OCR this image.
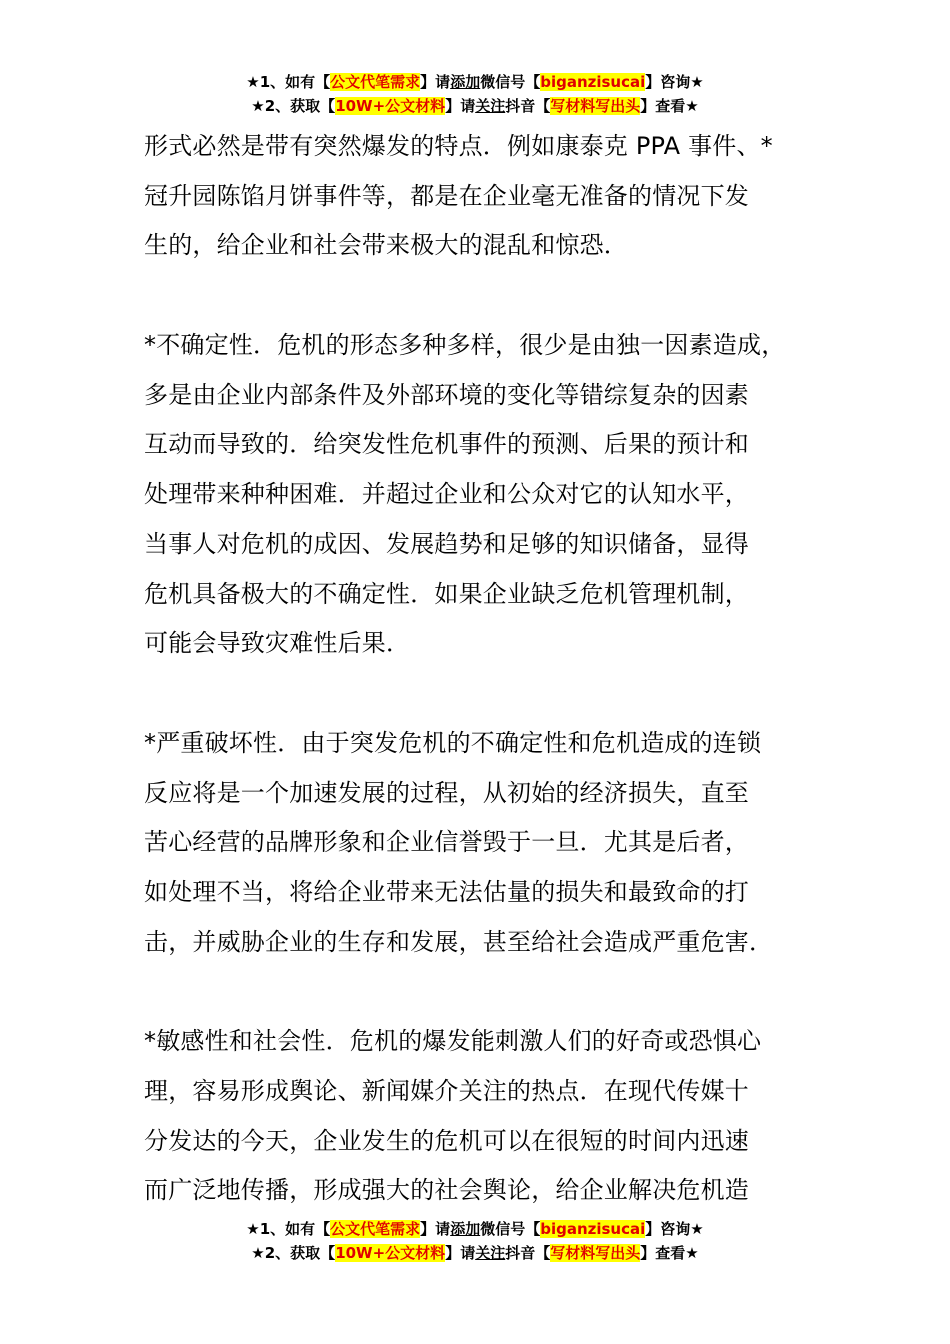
★1、如有【公文代笔需求】请添加微信号【biganzisucai】咨询★
★2、获取【10W+公文材料】请关注抖音【写材料写出头】查看★
形式必然是带有突然爆发的特点．例如康泰克 PPA 事件、*
冠升园陈馅月饼事件等，都是在企业毫无准备的情况下发
生的，给企业和社会带来极大的混乱和惊恐．
*不确定性．危机的形态多种多样，很少是由独一因素造成，
多是由企业内部条件及外部环境的变化等错综复杂的因素
互动而导致的．给突发性危机事件的预测、后果的预计和
处理带来种种困难．并超过企业和公众对它的认知水平，
当事人对危机的成因、发展趋势和足够的知识储备，显得
危机具备极大的不确定性．如果企业缺乏危机管理机制，
可能会导致灾难性后果．
*严重破坏性．由于突发危机的不确定性和危机造成的连锁
反应将是一个加速发展的过程，从初始的经济损失，直至
苦心经营的品牌形象和企业信誉毁于一旦．尤其是后者，
如处理不当，将给企业带来无法估量的损失和最致命的打
击，并威胁企业的生存和发展，甚至给社会造成严重危害．
*敏感性和社会性．危机的爆发能刺激人们的好奇或恐惧心
理，容易形成舆论、新闻媒介关注的热点．在现代传媒十
分发达的今天，企业发生的危机可以在很短的时间内迅速
而广泛地传播，形成强大的社会舆论，给企业解决危机造
★1、如有【公文代笔需求】请添加微信号【biganzisucai】咨询★
★2、获取【10W+公文材料】请关注抖音【写材料写出头】查看★
